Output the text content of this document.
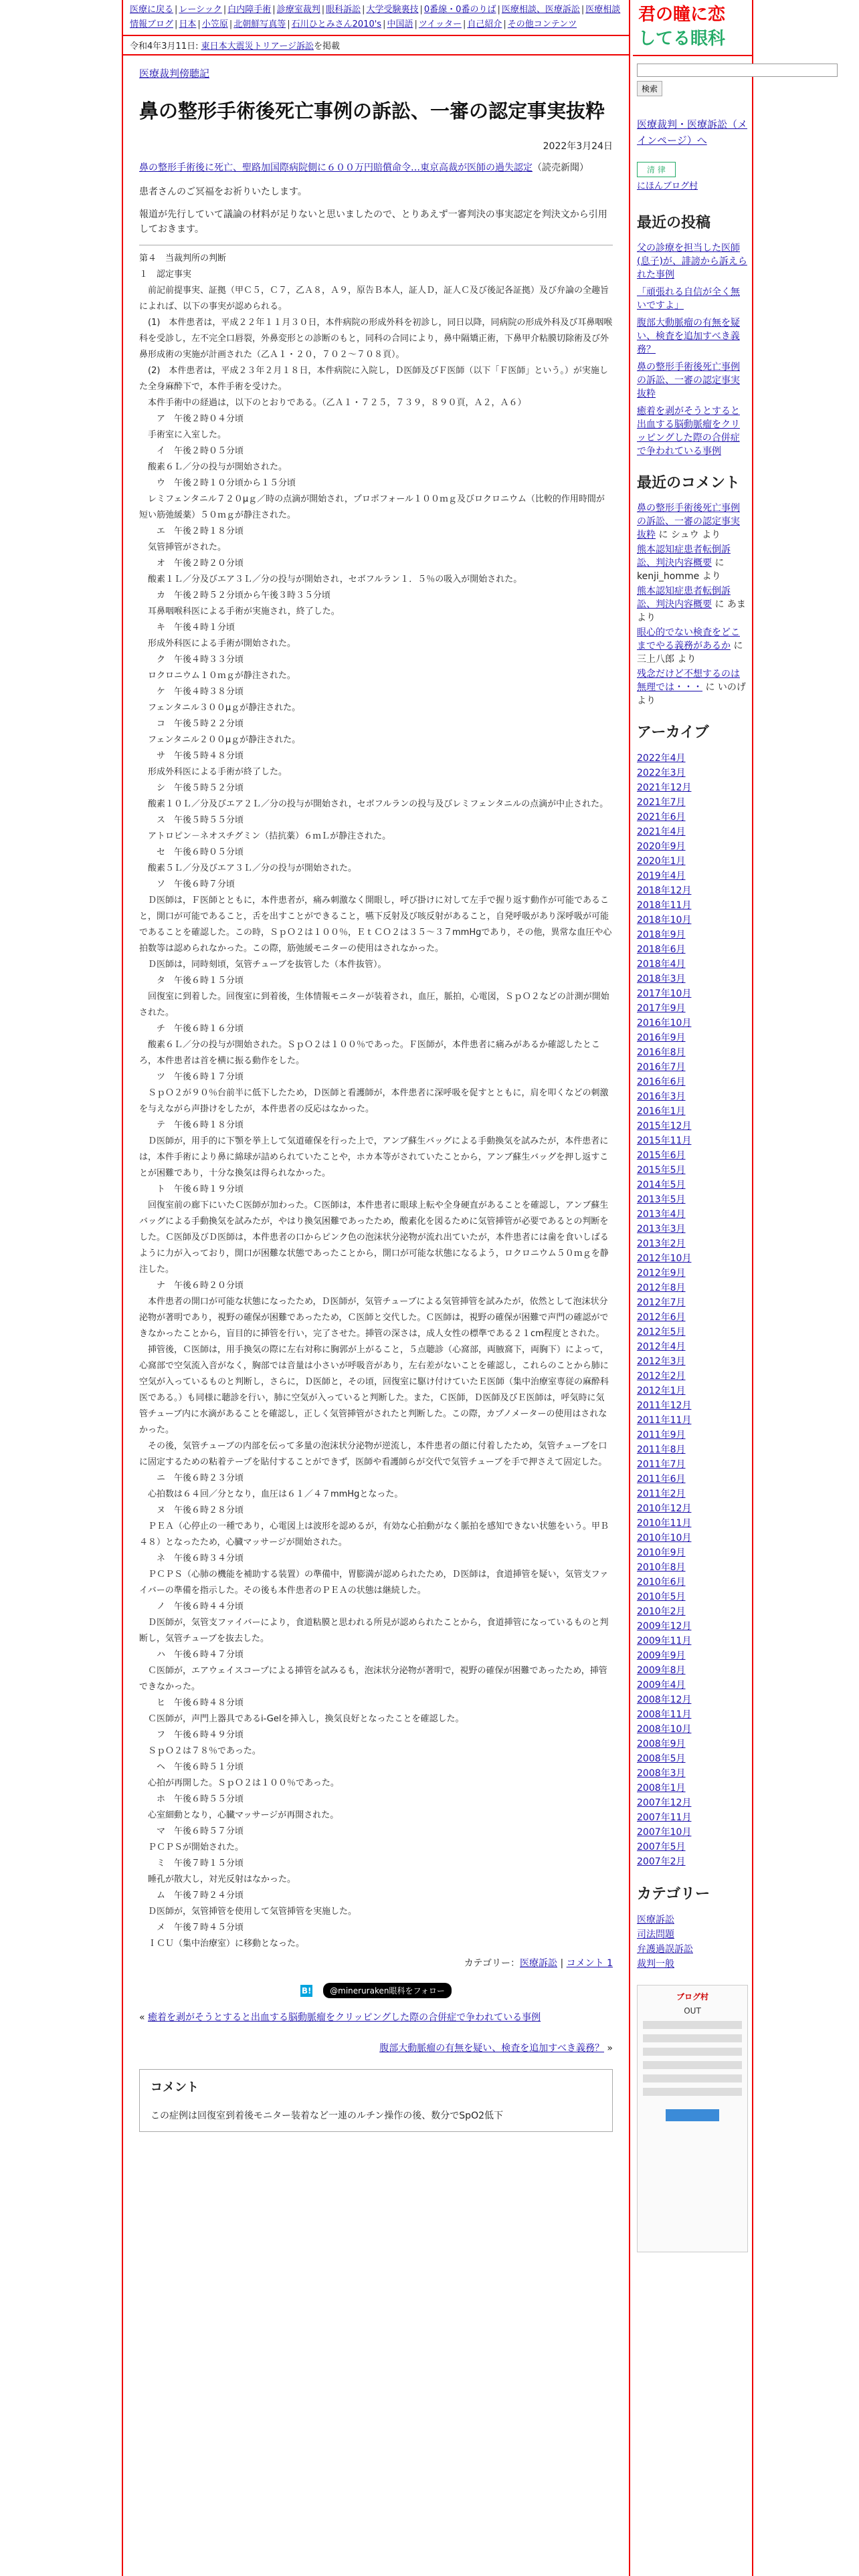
医療に戻る | レーシック | 白内障手術 | 診療室裁判 | 眼科訴訟 | 大学受験裏技 | 0番線・0番のりば | 医療相談、医療訴訟 | 医療相談情報ブログ | 日本 | 小笠原 | 北朝鮮写真等 | 石川ひとみさん2010's | 中国語 | ツイッター | 自己紹介 | その他コンテンツ
令和4年3月11日: 東日本大震災トリアージ訴訟を掲載
医療裁判傍聴記
鼻の整形手術後死亡事例の訴訟、一審の認定事実抜粋
2022年3月24日
鼻の整形手術後に死亡、聖路加国際病院側に６００万円賠償命令…東京高裁が医師の過失認定（読売新聞）
患者さんのご冥福をお祈りいたします。
報道が先行していて議論の材料が足りないと思いましたので、とりあえず一審判決の事実認定を判決文から引用しておきます。
第４　当裁判所の判断
１　認定事実
　前記前提事実、証拠（甲Ｃ５，Ｃ７，乙Ａ８，Ａ９，原告Ｂ本人，証人Ｄ，証人Ｃ及び後記各証拠）及び弁論の全趣旨によれば、以下の事実が認められる。
　(1)　本件患者は，平成２２年１１月３０日，本件病院の形成外科を初診し，同日以降，同病院の形成外科及び耳鼻咽喉科を受診し，左不完全口唇裂，外鼻変形との診断のもと，同科の合同により，鼻中隔矯正術，下鼻甲介粘膜切除術及び外鼻形成術の実施が計画された（乙Ａ１・２０，７０２～７０８頁）。
　(2)　本件患者は，平成２３年２月１８日，本件病院に入院し，Ｄ医師及びＦ医師（以下「Ｆ医師」という。）が実施した全身麻酔下で，本件手術を受けた。
　本件手術中の経過は，以下のとおりである。（乙Ａ１・７２５，７３９，８９０頁，Ａ２，Ａ６）
　　ア　午後２時０４分頃
　手術室に入室した。
　　イ　午後２時０５分頃
　酸素６Ｌ／分の投与が開始された。
　　ウ　午後２時１０分頃から１５分頃
　レミフェンタニル７２０μｇ／時の点滴が開始され，プロポフォール１００ｍｇ及びロクロニウム（比較的作用時間が短い筋弛緩薬）５０ｍｇが静注された。
　　エ　午後２時１８分頃
　気管挿管がされた。
　　オ　午後２時２０分頃
　酸素１Ｌ／分及びエア３Ｌ／分の投与が開始され，セボフルラン１．５％の吸入が開始された。
　　カ　午後２時５２分頃から午後３時３５分頃
　耳鼻咽喉科医による手術が実施され，終了した。
　　キ　午後４時１分頃
　形成外科医による手術が開始された。
　　ク　午後４時３３分頃
　ロクロニウム１０ｍｇが静注された。
　　ケ　午後４時３８分頃
　フェンタニル３００μｇが静注された。
　　コ　午後５時２２分頃
　フェンタニル２００μｇが静注された。
　　サ　午後５時４８分頃
　形成外科医による手術が終了した。
　　シ　午後５時５２分頃
　酸素１０Ｌ／分及びエア２Ｌ／分の投与が開始され，セボフルランの投与及びレミフェンタニルの点滴が中止された。
　　ス　午後５時５５分頃
　アトロピン－ネオスチグミン（拮抗薬）６ｍＬが静注された。
　　セ　午後６時０５分頃
　酸素５Ｌ／分及びエア３Ｌ／分の投与が開始された。
　　ソ　午後６時７分頃
　Ｄ医師は，Ｆ医師とともに，本件患者が，痛み刺激なく開眼し，呼び掛けに対して左手で握り返す動作が可能であること，開口が可能であること，舌を出すことができること，嚥下反射及び咳反射があること，自発呼吸があり深呼吸が可能であることを確認した。この時，ＳｐＯ２は１００％，ＥｔＣＯ２は３５～３７mmHgであり，その他，異常な血圧や心拍数等は認められなかった。この際，筋弛緩モニターの使用はされなかった。
　Ｄ医師は，同時刻頃，気管チューブを抜管した（本件抜管）。
　　タ　午後６時１５分頃
　回復室に到着した。回復室に到着後，生体情報モニターが装着され，血圧，脈拍，心電図，ＳｐＯ２などの計測が開始された。
　　チ　午後６時１６分頃
　酸素６Ｌ／分の投与が開始された。ＳｐＯ２は１００％であった。Ｆ医師が，本件患者に痛みがあるか確認したところ，本件患者は首を横に振る動作をした。
　　ツ　午後６時１７分頃
　ＳｐＯ２が９０％台前半に低下したため，Ｄ医師と看護師が，本件患者に深呼吸を促すとともに，肩を叩くなどの刺激を与えながら声掛けをしたが，本件患者の反応はなかった。
　　テ　午後６時１８分頃
　Ｄ医師が，用手的に下顎を挙上して気道確保を行った上で，アンブ蘇生バッグによる手動換気を試みたが，本件患者には，本件手術により鼻に綿球が詰められていたことや，ホカ本等がされていたことから，アンブ蘇生バッグを押し返すことが困難であり，十分な換気は得られなかった。
　　ト　午後６時１９分頃
　回復室前の廊下にいたＣ医師が加わった。Ｃ医師は，本件患者に眼球上転や全身硬直があることを確認し，アンブ蘇生バッグによる手動換気を試みたが，やはり換気困難であったため，酸素化を図るために気管挿管が必要であるとの判断をした。Ｃ医師及びＤ医師は，本件患者の口からピンク色の泡沫状分泌物が流れ出ていたが，本件患者には歯を食いしばるように力が入っており，開口が困難な状態であったことから，開口が可能な状態になるよう，ロクロニウム５０ｍｇを静注した。
　　ナ　午後６時２０分頃
　本件患者の開口が可能な状態になったため，Ｄ医師が，気管チューブによる気管挿管を試みたが，依然として泡沫状分泌物が著明であり，視野の確保が困難であったため，Ｃ医師と交代した。Ｃ医師は，視野の確保が困難で声門の確認ができなかったことから，盲目的に挿管を行い，完了させた。挿管の深さは，成人女性の標準である２１cm程度とされた。
　挿管後，Ｃ医師は，用手換気の際に左右対称に胸郭が上がること，５点聴診（心窩部，両腋窩下，両胸下）によって，心窩部で空気流入音がなく，胸部では音量は小さいが呼吸音があり，左右差がないことを確認し，これらのことから肺に空気が入っているものと判断し，さらに，Ｄ医師と，その頃，回復室に駆け付けていたＥ医師（集中治療室専従の麻酔科医である。）も同様に聴診を行い，肺に空気が入っていると判断した。また，Ｃ医師，Ｄ医師及びＥ医師は，呼気時に気管チューブ内に水滴があることを確認し，正しく気管挿管がされたと判断した。この際，カプノメーターの使用はされなかった。
　その後，気管チューブの内部を伝って多量の泡沫状分泌物が逆流し，本件患者の顔に付着したため，気管チューブを口に固定するための粘着テープを貼付することができず，医師や看護師らが交代で気管チューブを手で押さえて固定した。
　　ニ　午後６時２３分頃
　心拍数は６４回／分となり，血圧は６１／４７mmHgとなった。
　　ヌ　午後６時２８分頃
　ＰＥＡ（心停止の一種であり，心電図上は波形を認めるが，有効な心拍動がなく脈拍を感知できない状態をいう。甲Ｂ４８）となったため，心臓マッサージが開始された。
　　ネ　午後６時３４分頃
　ＰＣＰＳ（心肺の機能を補助する装置）の準備中，胃膨満が認められたため，Ｄ医師は，食道挿管を疑い，気管支ファイバーの準備を指示した。その後も本件患者のＰＥＡの状態は継続した。
　　ノ　午後６時４４分頃
　Ｄ医師が，気管支ファイバーにより，食道粘膜と思われる所見が認められたことから，食道挿管になっているものと判断し，気管チューブを抜去した。
　　ハ　午後６時４７分頃
　Ｃ医師が，エアウェイスコープによる挿管を試みるも，泡沫状分泌物が著明で，視野の確保が困難であったため，挿管できなかった。
　　ヒ　午後６時４８分頃
　Ｃ医師が，声門上器具であるi-Gelを挿入し，換気良好となったことを確認した。
　　フ　午後６時４９分頃
　ＳｐＯ２は７８％であった。
　　ヘ　午後６時５１分頃
　心拍が再開した。ＳｐＯ２は１００％であった。
　　ホ　午後６時５５分頃
　心室細動となり，心臓マッサージが再開された。
　　マ　午後６時５７分頃
　ＰＣＰＳが開始された。
　　ミ　午後７時１５分頃
　睡孔が散大し，対光反射はなかった。
　　ム　午後７時２４分頃
　Ｄ医師が，気管挿管を使用して気管挿管を実施した。
　　メ　午後７時４５分頃
　ＩＣＵ（集中治療室）に移動となった。
カテゴリー：医療訴訟 | コメント 1
B!	@mineruraken眼科をフォロー
« 癒着を剥がそうとすると出血する脳動脈瘤をクリッピングした際の合併症で争われている事例
腹部大動脈瘤の有無を疑い、検査を追加すべき義務？ »
コメント
この症例は回復室到着後モニター装着など一連のルチン操作の後、数分でSpO2低下
君の瞳に恋
してる眼科
検索
医療裁判・医療訴訟（メインページ）へ
清 律
にほんブログ村
最近の投稿
父の診療を担当した医師(息子)が、誹謗から訴えられた事例
「頑張れる自信が全く無いですよ」
腹部大動脈瘤の有無を疑い、検査を追加すべき義務？
鼻の整形手術後死亡事例の訴訟、一審の認定事実抜粋
癒着を剥がそうとすると出血する脳動脈瘤をクリッピングした際の合併症で争われている事例
最近のコメント
鼻の整形手術後死亡事例の訴訟、一審の認定事実抜粋 に シュウ より
熊本認知症患者転倒訴訟、判決内容概要 に kenji_homme より
熊本認知症患者転倒訴訟、判決内容概要 に あまより
眼心的でない検査をどこまでやる義務があるか に 三上八郎 より
残念だけど不想するのは無理では・・・ に いのげ より
アーカイブ
2022年4月
2022年3月
2021年12月
2021年7月
2021年6月
2021年4月
2020年9月
2020年1月
2019年4月
2018年12月
2018年11月
2018年10月
2018年9月
2018年6月
2018年4月
2018年3月
2017年10月
2017年9月
2016年10月
2016年9月
2016年8月
2016年7月
2016年6月
2016年3月
2016年1月
2015年12月
2015年11月
2015年6月
2015年5月
2014年5月
2013年5月
2013年4月
2013年3月
2013年2月
2012年10月
2012年9月
2012年8月
2012年7月
2012年6月
2012年5月
2012年4月
2012年3月
2012年2月
2012年1月
2011年12月
2011年11月
2011年9月
2011年8月
2011年7月
2011年6月
2011年2月
2010年12月
2010年11月
2010年10月
2010年9月
2010年8月
2010年6月
2010年5月
2010年2月
2009年12月
2009年11月
2009年9月
2009年8月
2009年4月
2008年12月
2008年11月
2008年10月
2008年9月
2008年5月
2008年3月
2008年1月
2007年12月
2007年11月
2007年10月
2007年5月
2007年2月
カテゴリー
医療訴訟
司法問題
弁護過誤訴訟
裁判一般
ブログ村
OUT
